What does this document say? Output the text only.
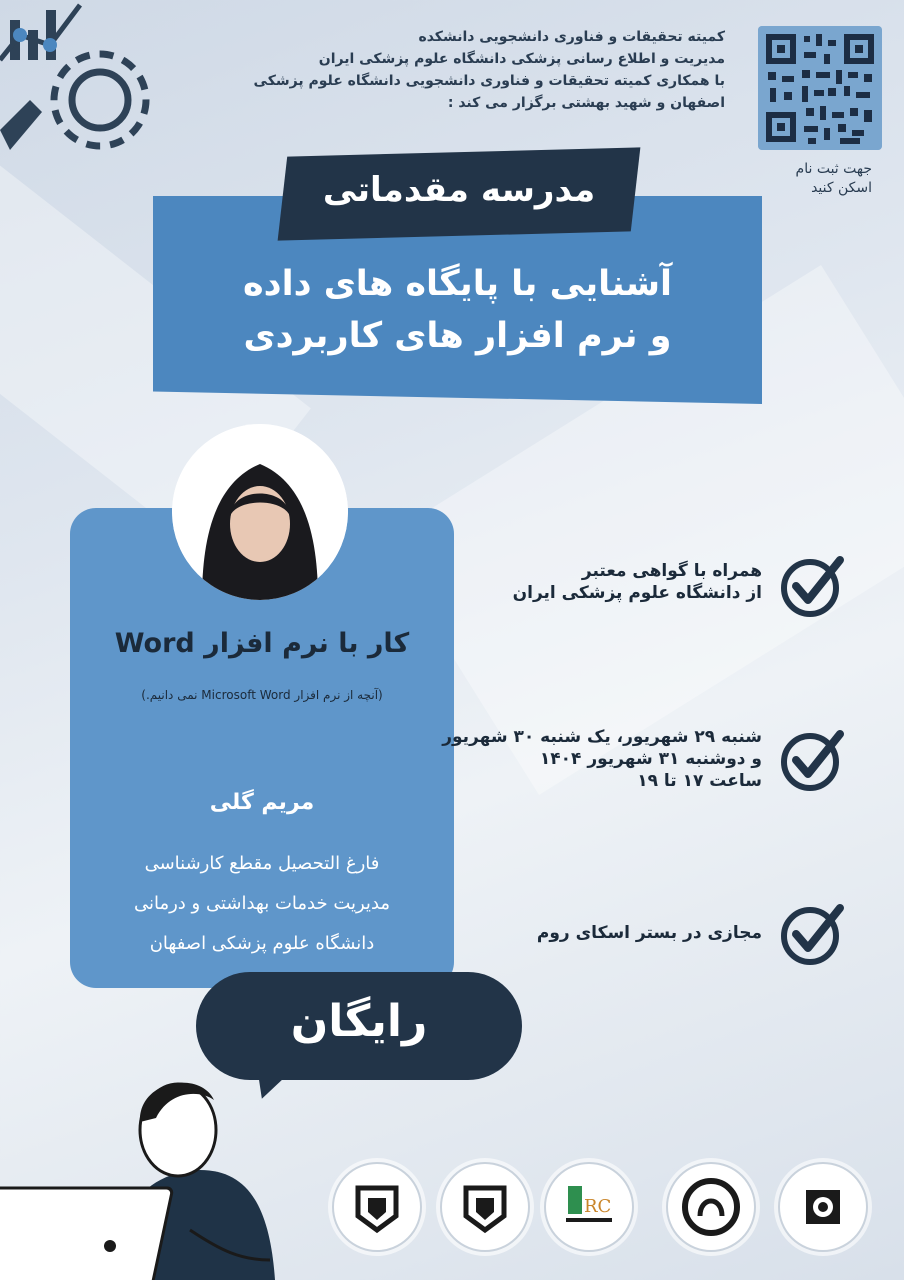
کمیته تحقیقات و فناوری دانشجویی دانشکده
مدیریت و اطلاع رسانی پزشکی دانشگاه علوم پزشکی ایران
با همکاری کمیته تحقیقات و فناوری دانشجویی دانشگاه علوم پزشکی
اصفهان و شهید بهشتی برگزار می کند :
جهت ثبت نام
اسکن کنید
مدرسه مقدماتی
آشنایی با پایگاه های داده
و نرم افزار های کاربردی
کار با نرم افزار Word
(آنچه از نرم افزار Microsoft Word نمی دانیم.)
مریم گلی
فارغ التحصیل مقطع کارشناسی
مدیریت خدمات بهداشتی و درمانی
دانشگاه علوم پزشکی اصفهان
همراه با گواهی معتبر
از دانشگاه علوم پزشکی ایران
شنبه ۲۹ شهریور، یک شنبه ۳۰ شهریور
و دوشنبه ۳۱ شهریور ۱۴۰۴
ساعت ۱۷ تا ۱۹
مجازی در بستر اسکای روم
رایگان
RC
